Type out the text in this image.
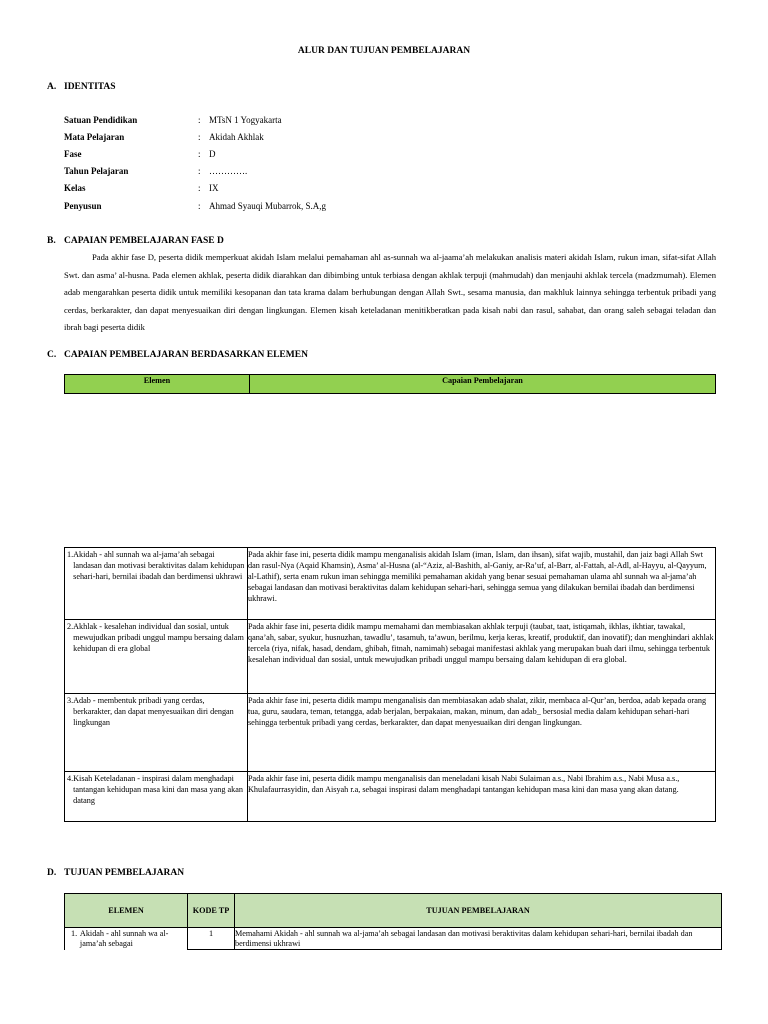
ALUR DAN TUJUAN PEMBELAJARAN
A. IDENTITAS
Satuan Pendidikan	: MTsN 1 Yogyakarta
Mata Pelajaran	: Akidah Akhlak
Fase	: D
Tahun Pelajaran	: ………….
Kelas	: IX
Penyusun	: Ahmad Syauqi Mubarrok, S.A,g
B. CAPAIAN PEMBELAJARAN FASE D
Pada akhir fase D, peserta didik memperkuat akidah Islam melalui pemahaman ahl as-sunnah wa al-jaama’ah melakukan analisis materi akidah Islam, rukun iman, sifat-sifat Allah Swt. dan asma’ al-husna. Pada elemen akhlak, peserta didik diarahkan dan dibimbing untuk terbiasa dengan akhlak terpuji (mahmudah) dan menjauhi akhlak tercela (madzmumah). Elemen adab mengarahkan peserta didik untuk memiliki kesopanan dan tata krama dalam berhubungan dengan Allah Swt., sesama manusia, dan makhluk lainnya sehingga terbentuk pribadi yang cerdas, berkarakter, dan dapat menyesuaikan diri dengan lingkungan. Elemen kisah keteladanan menitikberatkan pada kisah nabi dan rasul, sahabat, dan orang saleh sebagai teladan dan ibrah bagi peserta didik
C. CAPAIAN PEMBELAJARAN BERDASARKAN ELEMEN
Elemen	Capaian Pembelajaran
1. Akidah - ahl sunnah wa al-jama’ah sebagai landasan dan motivasi beraktivitas dalam kehidupan sehari-hari, bernilai ibadah dan berdimensi ukhrawi	Pada akhir fase ini, peserta didik mampu menganalisis akidah Islam (iman, Islam, dan ihsan), sifat wajib, mustahil, dan jaiz bagi Allah Swt dan rasul-Nya (Aqaid Khamsin), Asma’ al-Husna (al-“Aziz, al-Bashith, al-Ganiy, ar-Ra’uf, al-Barr, al-Fattah, al-Adl, al-Hayyu, al-Qayyum, al-Lathif), serta enam rukun iman sehingga memiliki pemahaman akidah yang benar sesuai pemahaman ulama ahl sunnah wa al-jama’ah sebagai landasan dan motivasi beraktivitas dalam kehidupan sehari-hari, sehingga semua yang dilakukan bernilai ibadah dan berdimensi ukhrawi.

2. Akhlak - kesalehan individual dan sosial, untuk mewujudkan pribadi unggul mampu bersaing dalam kehidupan di era global	Pada akhir fase ini, peserta didik mampu memahami dan membiasakan akhlak terpuji (taubat, taat, istiqamah, ikhlas, ikhtiar, tawakal, qana’ah, sabar, syukur, husnuzhan, tawadlu’, tasamuh, ta’awun, berilmu, kerja keras, kreatif, produktif, dan inovatif); dan menghindari akhlak tercela (riya, nifak, hasad, dendam, ghibah, fitnah, namimah) sebagai manifestasi akhlak yang merupakan buah dari ilmu, sehingga terbentuk kesalehan individual dan sosial, untuk mewujudkan pribadi unggul mampu bersaing dalam kehidupan di era global.

3. Adab - membentuk pribadi yang cerdas, berkarakter, dan dapat menyesuaikan diri dengan lingkungan	Pada akhir fase ini, peserta didik mampu menganalisis dan membiasakan adab shalat, zikir, membaca al-Qur’an, berdoa, adab kepada orang tua, guru, saudara, teman, tetangga, adab berjalan, berpakaian, makan, minum, dan adab_ bersosial media dalam kehidupan sehari-hari sehingga terbentuk pribadi yang cerdas, berkarakter, dan dapat menyesuaikan diri dengan lingkungan.

4. Kisah Keteladanan - inspirasi dalam menghadapi tantangan kehidupan masa kini dan masa yang akan datang	Pada akhir fase ini, peserta didik mampu menganalisis dan meneladani kisah Nabi Sulaiman a.s., Nabi Ibrahim a.s., Nabi Musa a.s., Khulafaurrasyidin, dan Aisyah r.a, sebagai inspirasi dalam menghadapi tantangan kehidupan masa kini dan masa yang akan datang.
D. TUJUAN PEMBELAJARAN
ELEMEN	KODE TP	TUJUAN PEMBELAJARAN

1. Akidah - ahl sunnah wa al-jama’ah sebagai	1	Memahami Akidah - ahl sunnah wa al-jama’ah sebagai landasan dan motivasi beraktivitas dalam kehidupan sehari-hari, bernilai ibadah dan berdimensi ukhrawi
